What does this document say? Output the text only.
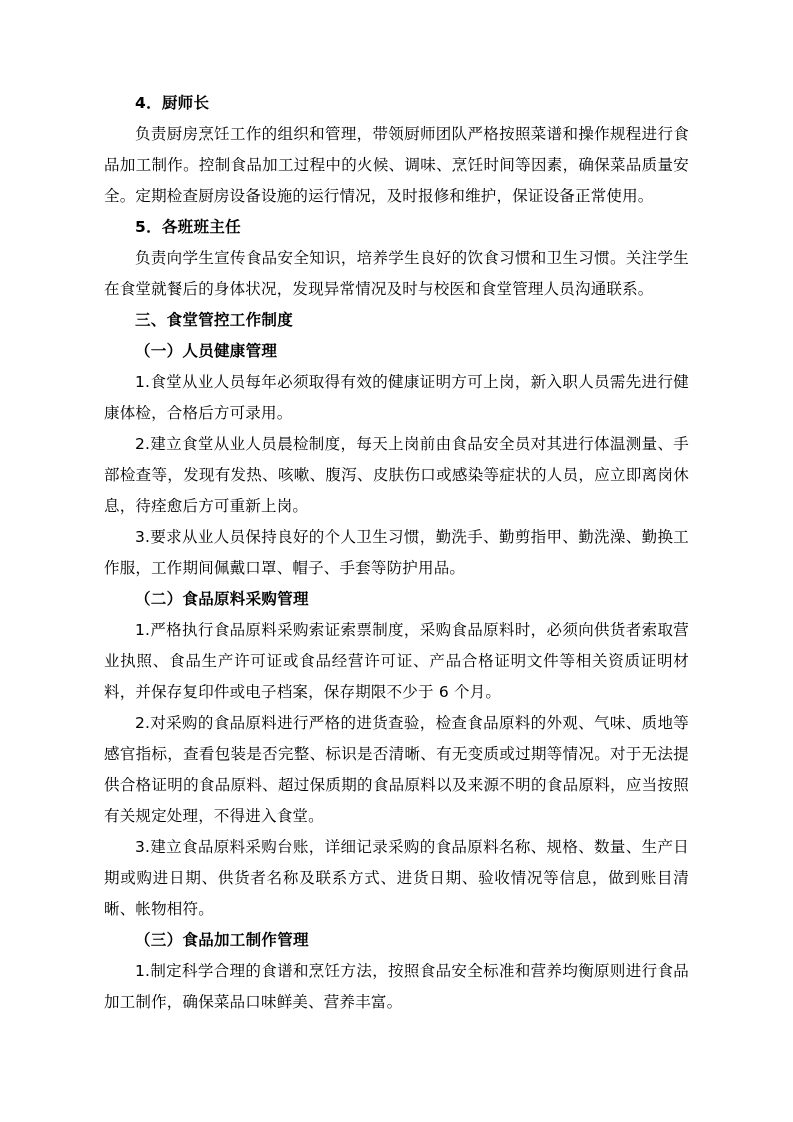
4．厨师长

负责厨房烹饪工作的组织和管理，带领厨师团队严格按照菜谱和操作规程进行食品加工制作。控制食品加工过程中的火候、调味、烹饪时间等因素，确保菜品质量安全。定期检查厨房设备设施的运行情况，及时报修和维护，保证设备正常使用。

5．各班班主任

负责向学生宣传食品安全知识，培养学生良好的饮食习惯和卫生习惯。关注学生在食堂就餐后的身体状况，发现异常情况及时与校医和食堂管理人员沟通联系。

三、食堂管控工作制度

（一）人员健康管理

1.食堂从业人员每年必须取得有效的健康证明方可上岗，新入职人员需先进行健康体检，合格后方可录用。

2.建立食堂从业人员晨检制度，每天上岗前由食品安全员对其进行体温测量、手部检查等，发现有发热、咳嗽、腹泻、皮肤伤口或感染等症状的人员，应立即离岗休息，待痊愈后方可重新上岗。

3.要求从业人员保持良好的个人卫生习惯，勤洗手、勤剪指甲、勤洗澡、勤换工作服，工作期间佩戴口罩、帽子、手套等防护用品。

（二）食品原料采购管理

1.严格执行食品原料采购索证索票制度，采购食品原料时，必须向供货者索取营业执照、食品生产许可证或食品经营许可证、产品合格证明文件等相关资质证明材料，并保存复印件或电子档案，保存期限不少于 6 个月。

2.对采购的食品原料进行严格的进货查验，检查食品原料的外观、气味、质地等感官指标，查看包装是否完整、标识是否清晰、有无变质或过期等情况。对于无法提供合格证明的食品原料、超过保质期的食品原料以及来源不明的食品原料，应当按照有关规定处理，不得进入食堂。

3.建立食品原料采购台账，详细记录采购的食品原料名称、规格、数量、生产日期或购进日期、供货者名称及联系方式、进货日期、验收情况等信息，做到账目清晰、帐物相符。

（三）食品加工制作管理

1.制定科学合理的食谱和烹饪方法，按照食品安全标准和营养均衡原则进行食品加工制作，确保菜品口味鲜美、营养丰富。
